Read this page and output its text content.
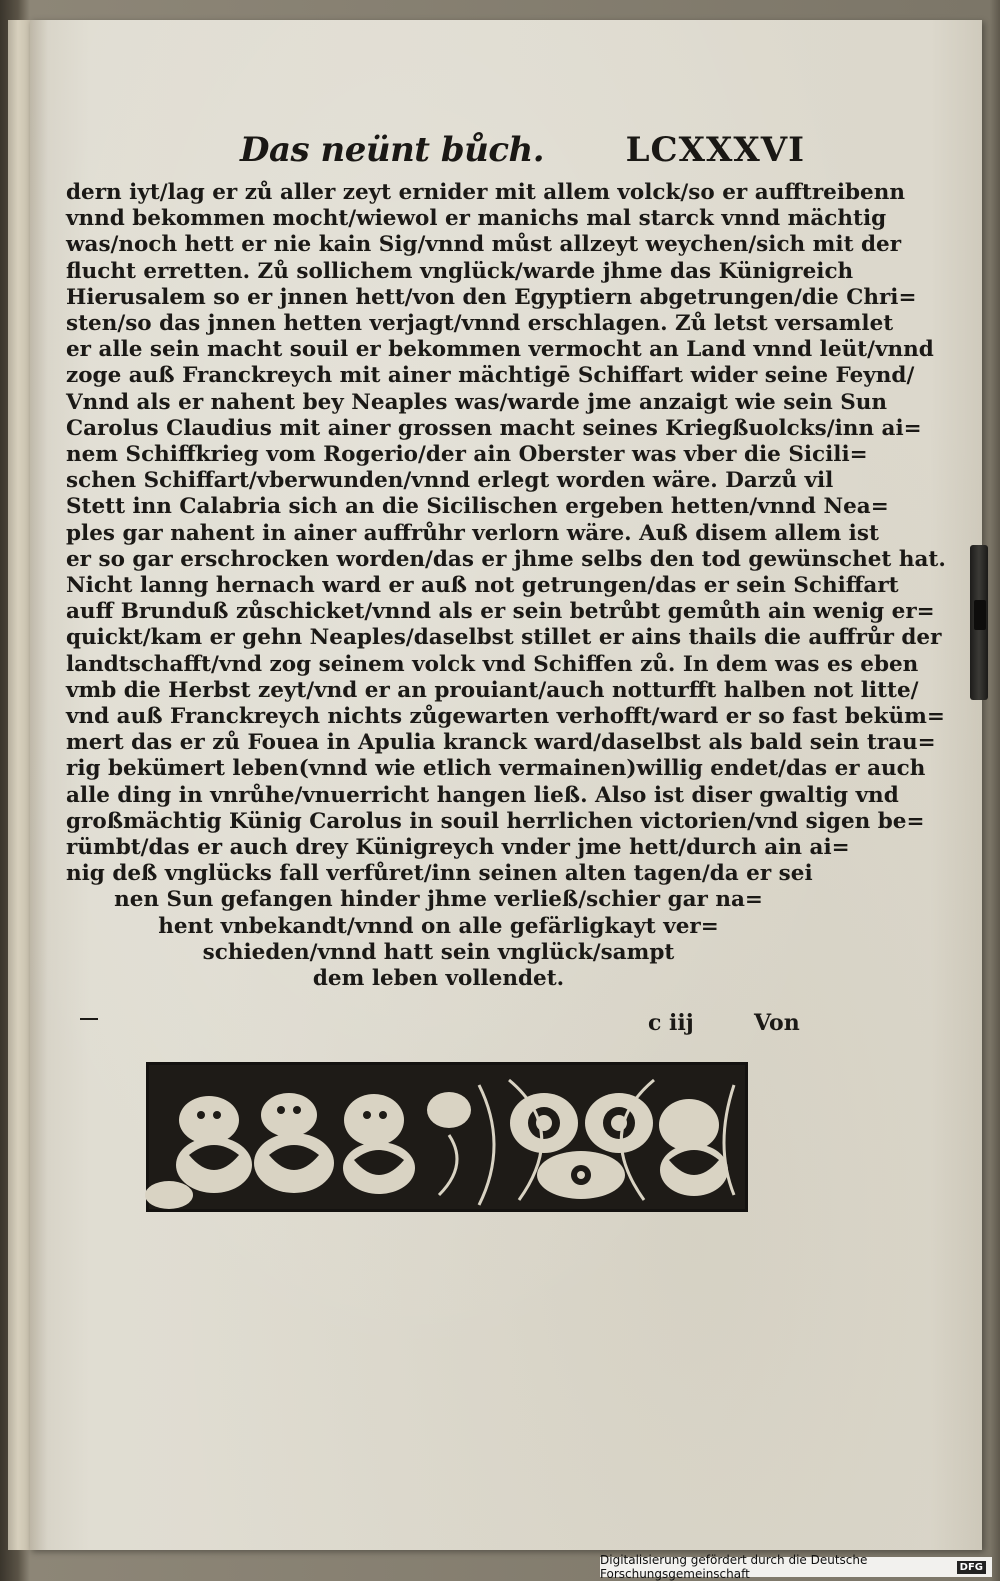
Das neünt bůch. LCXXXVI
dern iyt/lag er zů aller zeyt ernider mit allem volck/so er aufftreibenn
vnnd bekommen mocht/wiewol er manichs mal starck vnnd mächtig
was/noch hett er nie kain Sig/vnnd můst allzeyt weychen/sich mit der
flucht erretten. Zů sollichem vnglück/warde jhme das Künigreich
Hierusalem so er jnnen hett/von den Egyptiern abgetrungen/die Chri=
sten/so das jnnen hetten verjagt/vnnd erschlagen. Zů letst versamlet
er alle sein macht souil er bekommen vermocht an Land vnnd leüt/vnnd
zoge auß Franckreych mit ainer mächtigē Schiffart wider seine Feynd/
Vnnd als er nahent bey Neaples was/warde jme anzaigt wie sein Sun
Carolus Claudius mit ainer grossen macht seines Kriegßuolcks/inn ai=
nem Schiffkrieg vom Rogerio/der ain Oberster was vber die Sicili=
schen Schiffart/vberwunden/vnnd erlegt worden wäre. Darzů vil
Stett inn Calabria sich an die Sicilischen ergeben hetten/vnnd Nea=
ples gar nahent in ainer auffrůhr verlorn wäre. Auß disem allem ist
er so gar erschrocken worden/das er jhme selbs den tod gewünschet hat.
Nicht lanng hernach ward er auß not getrungen/das er sein Schiffart
auff Brunduß zůschicket/vnnd als er sein betrůbt gemůth ain wenig er=
quickt/kam er gehn Neaples/daselbst stillet er ains thails die auffrůr der
landtschafft/vnd zog seinem volck vnd Schiffen zů. In dem was es eben
vmb die Herbst zeyt/vnd er an prouiant/auch notturfft halben not litte/
vnd auß Franckreych nichts zůgewarten verhofft/ward er so fast beküm=
mert das er zů Fouea in Apulia kranck ward/daselbst als bald sein trau=
rig bekümert leben(vnnd wie etlich vermainen)willig endet/das er auch
alle ding in vnrůhe/vnuerricht hangen ließ. Also ist diser gwaltig vnd
großmächtig Künig Carolus in souil herrlichen victorien/vnd sigen be=
rümbt/das er auch drey Künigreych vnder jme hett/durch ain ai=
nig deß vnglücks fall verfůret/inn seinen alten tagen/da er sei
nen Sun gefangen hinder jhme verließ/schier gar na=
hent vnbekandt/vnnd on alle gefärligkayt ver=
schieden/vnnd hatt sein vnglück/sampt
dem leben vollendet.
c iij	Von
Digitalisierung gefördert durch die Deutsche Forschungsgemeinschaft	DFG
